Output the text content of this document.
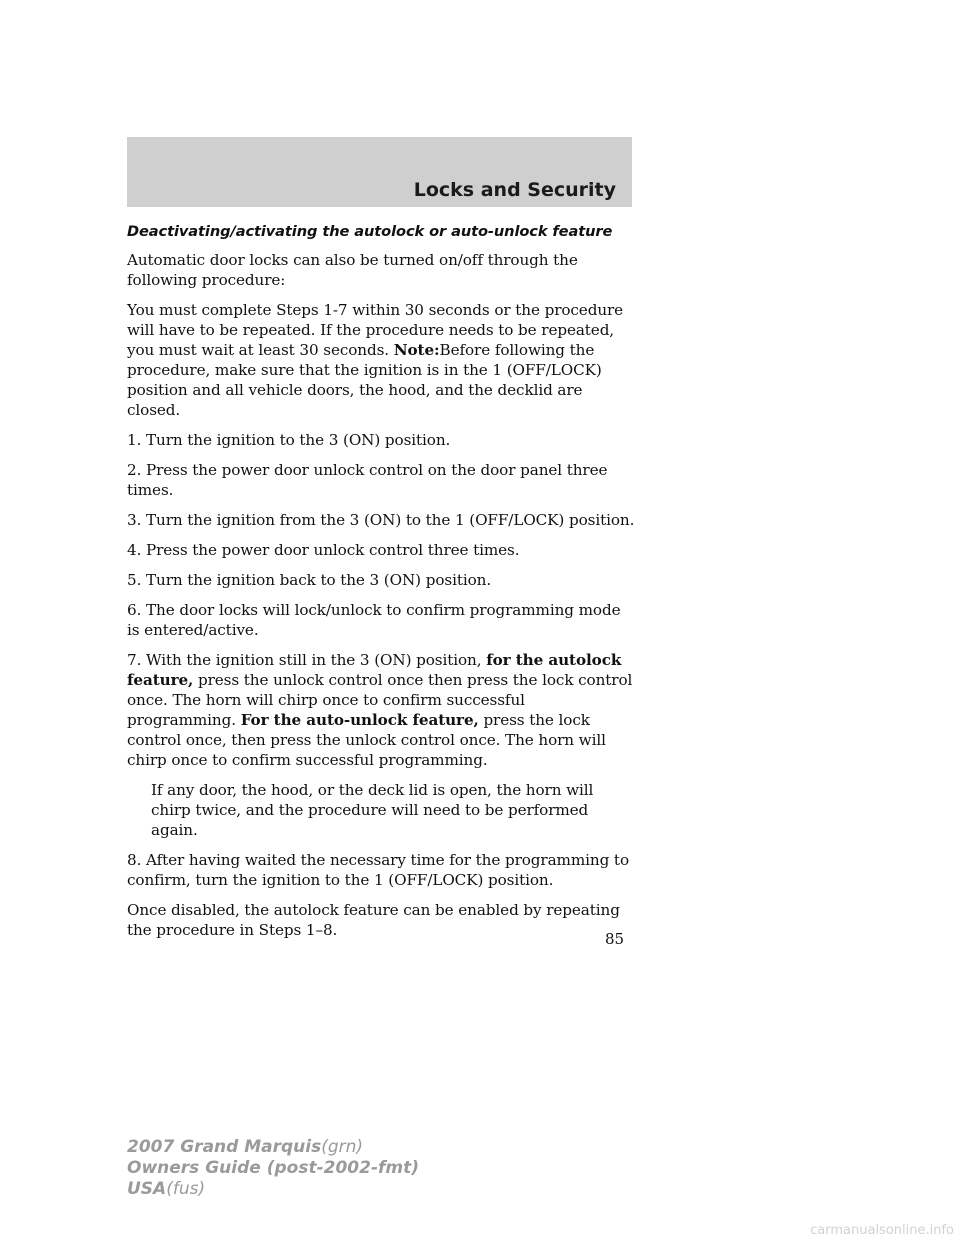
Locks and Security
Deactivating/activating the autolock or auto-unlock feature

Automatic door locks can also be turned on/off through the following procedure:

You must complete Steps 1-7 within 30 seconds or the procedure will have to be repeated. If the procedure needs to be repeated, you must wait at least 30 seconds. Note:Before following the procedure, make sure that the ignition is in the 1 (OFF/LOCK) position and all vehicle doors, the hood, and the decklid are closed.

1. Turn the ignition to the 3 (ON) position.

2. Press the power door unlock control on the door panel three times.

3. Turn the ignition from the 3 (ON) to the 1 (OFF/LOCK) position.

4. Press the power door unlock control three times.

5. Turn the ignition back to the 3 (ON) position.

6. The door locks will lock/unlock to confirm programming mode is entered/active.

7. With the ignition still in the 3 (ON) position, for the autolock feature, press the unlock control once then press the lock control once. The horn will chirp once to confirm successful programming. For the auto-unlock feature, press the lock control once, then press the unlock control once. The horn will chirp once to confirm successful programming.

If any door, the hood, or the deck lid is open, the horn will chirp twice, and the procedure will need to be performed again.

8. After having waited the necessary time for the programming to confirm, turn the ignition to the 1 (OFF/LOCK) position.

Once disabled, the autolock feature can be enabled by repeating the procedure in Steps 1–8.	85
2007 Grand Marquis(grn)
Owners Guide (post-2002-fmt)
USA(fus)
carmanualsonline.info
